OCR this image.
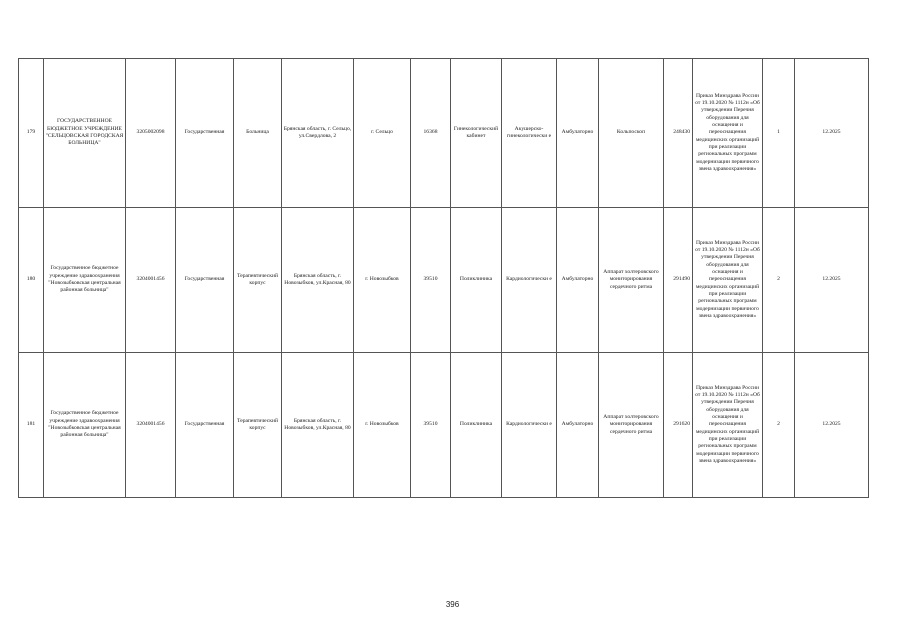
179	ГОСУДАРСТВЕННОЕ БЮДЖЕТНОЕ УЧРЕЖДЕНИЕ "СЕЛЬЦОВСКАЯ ГОРОДСКАЯ БОЛЬНИЦА"	3205002098	Государственная	Больница	Брянская область, г. Сельцо, ул.Свердлова, 2	г. Сельцо	16368	Гинекологический кабинет	Акушерско-гинекологически е	Амбулаторно	Кольпоскоп	248430	Приказ Минздрава России от 19.10.2020 № 1112н «Об утверждении Перечня оборудования для оснащения и переоснащения медицинских организаций при реализации региональных программ модернизации первичного звена здравоохранения»	1	12.2025
180	Государственное бюджетное учреждение здравоохранения "Новозыбковская центральная районная больница"	3204001456	Государственная	Терапевтический корпус	Брянская область, г. Новозыбков, ул.Красная, 80	г. Новозыбков	39510	Поликлиника	Кардиологически е	Амбулаторно	Аппарат холтеровского мониторирования сердечного ритма	291490	Приказ Минздрава России от 19.10.2020 № 1112н «Об утверждении Перечня оборудования для оснащения и переоснащения медицинских организаций при реализации региональных программ модернизации первичного звена здравоохранения»	2	12.2025
181	Государственное бюджетное учреждение здравоохранения "Новозыбковская центральная районная больница"	3204001456	Государственная	Терапевтический корпус	Брянская область, г. Новозыбков, ул.Красная, 80	г. Новозыбков	39510	Поликлиника	Кардиологически е	Амбулаторно	Аппарат холтеровского мониторирования сердечного ритма	291620	Приказ Минздрава России от 19.10.2020 № 1112н «Об утверждении Перечня оборудования для оснащения и переоснащения медицинских организаций при реализации региональных программ модернизации первичного звена здравоохранения»	2	12.2025
396
